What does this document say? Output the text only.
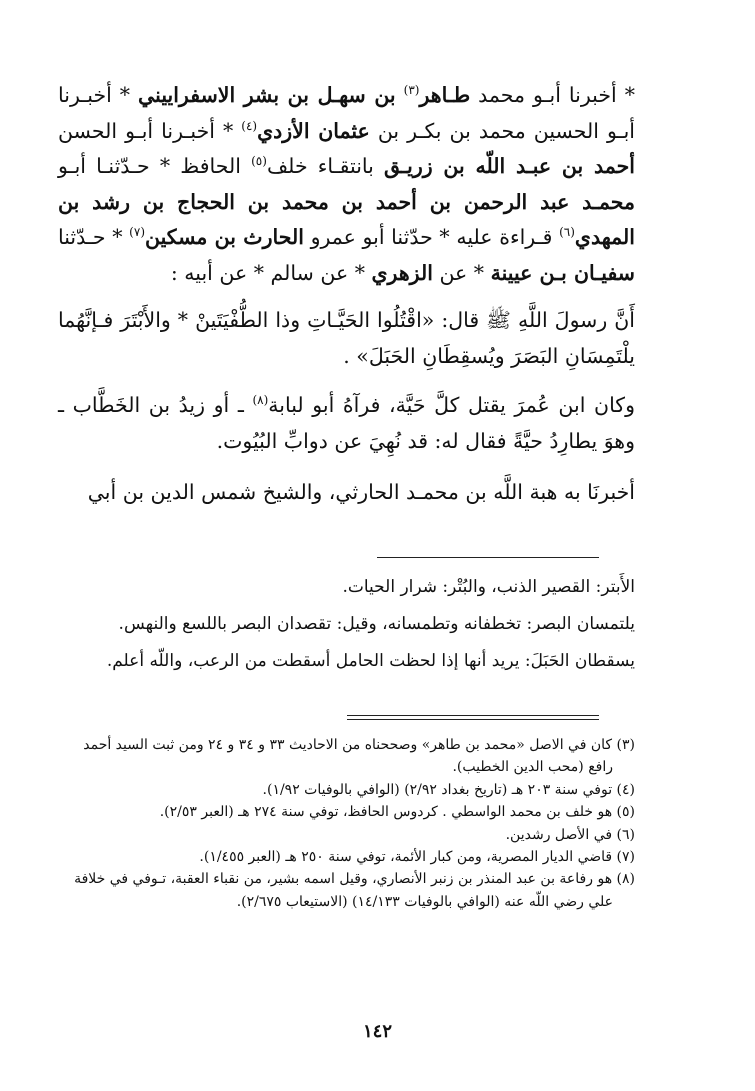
* أخبرنا أبـو محمد طـاهر$^{(٣)}$ بن سهـل بن بشر الاسفراييني * أخبـرنا أبـو الحسين محمد بن بكـر بن عثمان الأزدي$^{(٤)}$ * أخبـرنا أبـو الحسن أحمد بن عبـد اللّه بن زريـق بانتقـاء خلف$^{(٥)}$ الحافظ * حـدّثنـا أبـو محمـد عبد الرحمن بن أحمد بن محمد بن الحجاج بن رشد بن المهدي$^{(٦)}$ قـراءة عليه * حدّثنا أبو عمرو الحارث بن مسكين$^{(٧)}$ * حـدّثنا سفيـان بـن عيينة * عن الزهري * عن سالم * عن أبيه :

أَنَّ رسولَ اللَّهِ ﷺ قال: «اقْتُلُوا الحَيَّـاتِ وذا الطُّفْيَتَينْ * والأَبْتَرَ فـإنَّهُما يلْتَمِسَانِ البَصَرَ ويُسقِطَانِ الحَبَلَ» .

وكان ابن عُمرَ يقتل كلَّ حَيَّة، فرآهُ أبو لبابة$^{(٨)}$ ـ أو زيدُ بن الخَطَّاب ـ وهوَ يطارِدُ حيَّةً فقال له: قد نُهِيَ عن دوابِّ البُيُوت.

أخبرنَا به هبة اللَّه بن محمـد الحارثي، والشيخ شمس الدين بن أبي

الأَبتر: القصير الذنب، والبُتْر: شرار الحيات.

يلتمسان البصر: تخطفانه وتطمسانه، وقيل: تقصدان البصر باللسع والنهس.

يسقطان الحَبَلَ: يريد أنها إذا لحظت الحامل أسقطت من الرعب، واللّه أعلم.

(٣) كان في الاصل «محمد بن طاهر» وصححناه من الاحاديث ٣٣ و ٣٤ و ٢٤ ومن ثبت السيد أحمد

رافع (محب الدين الخطيب).

(٤) توفي سنة ٢٠٣ هـ (تاريخ بغداد ٢/٩٢) (الوافي بالوفيات ١/٩٢).

(٥) هو خلف بن محمد الواسطي . كردوس الحافظ، توفي سنة ٢٧٤ هـ (العبر ٢/٥٣).

(٦) في الأصل رشدين.

(٧) قاضي الديار المصرية، ومن كبار الأئمة، توفي سنة ٢٥٠ هـ (العبر ١/٤٥٥).

(٨) هو رفاعة بن عبد المنذر بن زنبر الأنصاري، وقيل اسمه بشير، من نقباء العقبة، تـوفي في خلافة

علي رضي اللّه عنه (الوافي بالوفيات ١٤/١٣٣) (الاستيعاب ٢/٦٧٥).

١٤٢
